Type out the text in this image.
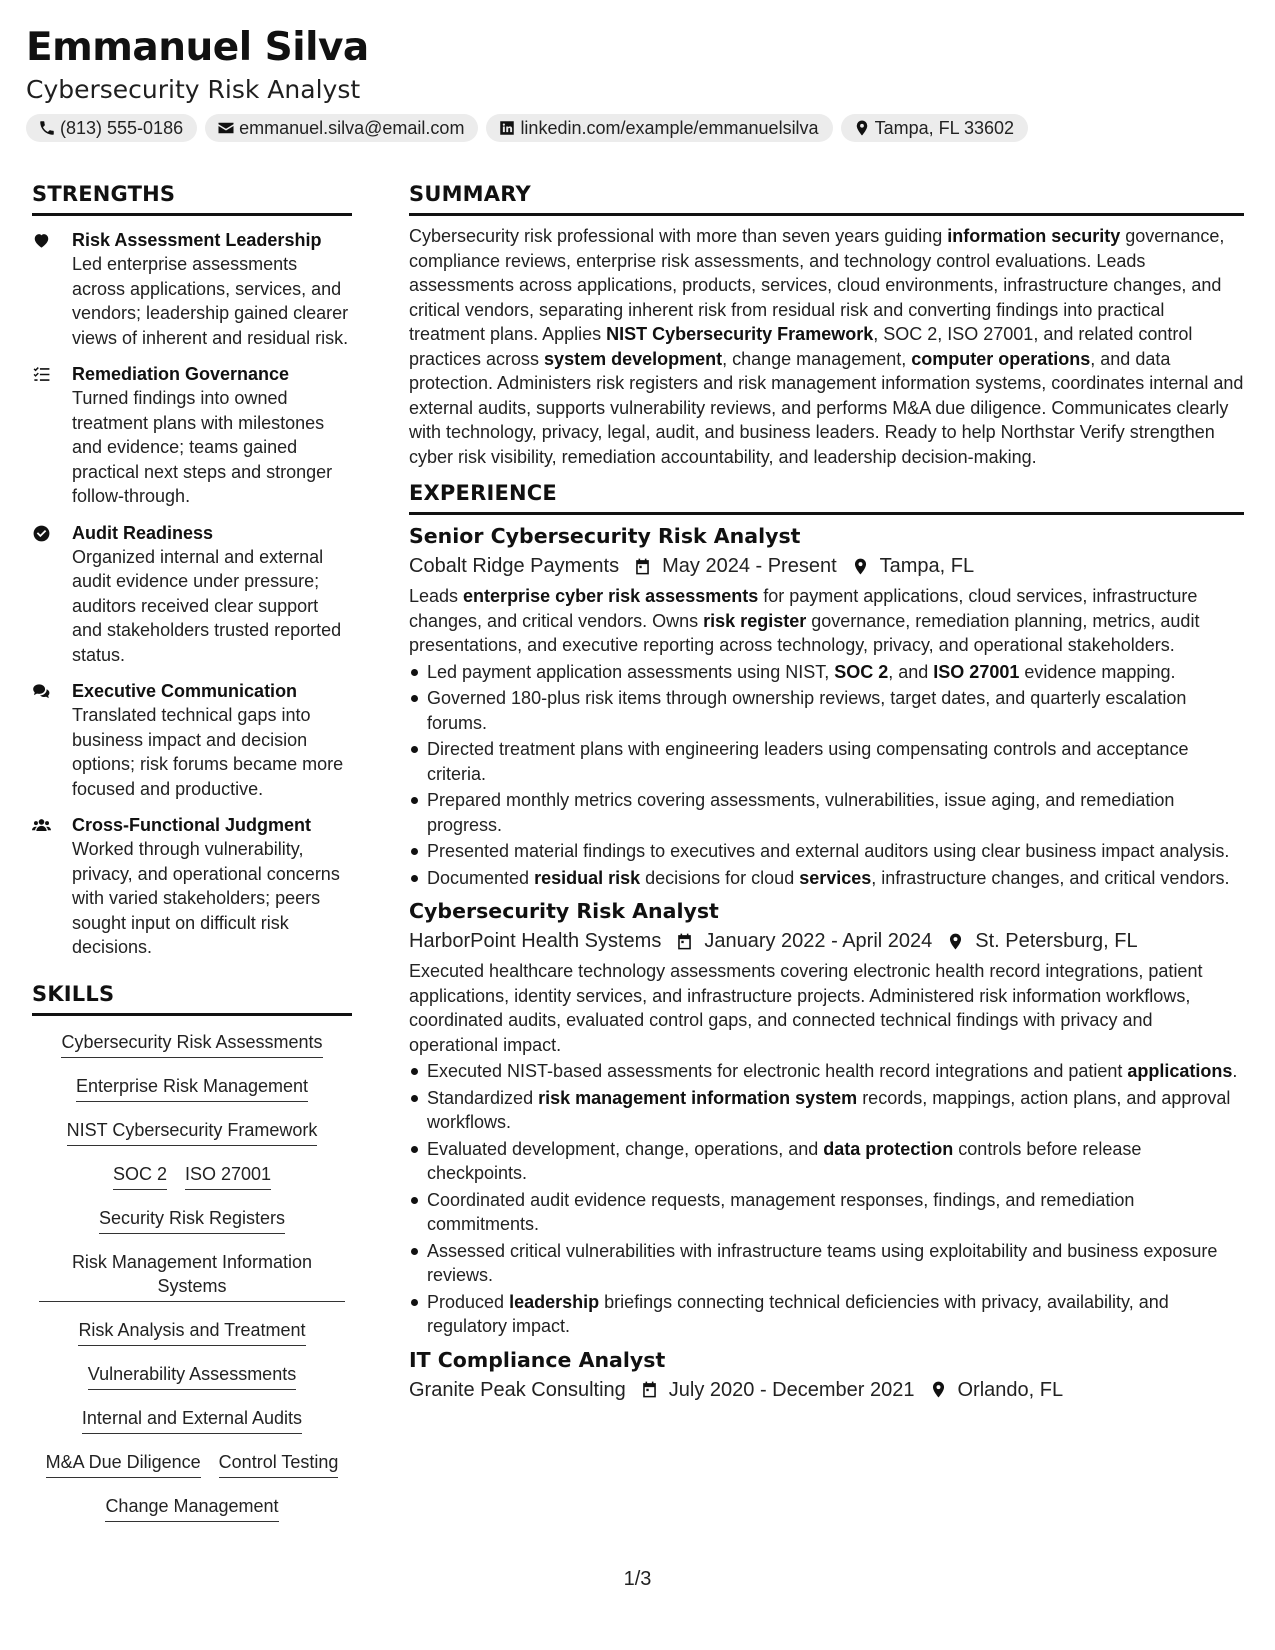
Emmanuel Silva
Cybersecurity Risk Analyst
(813) 555-0186	emmanuel.silva@email.com	linkedin.com/example/emmanuelsilva	Tampa, FL 33602
STRENGTHS
Risk Assessment Leadership
Led enterprise assessments across applications, services, and vendors; leadership gained clearer views of inherent and residual risk.
Remediation Governance
Turned findings into owned treatment plans with milestones and evidence; teams gained practical next steps and stronger follow-through.
Audit Readiness
Organized internal and external audit evidence under pressure; auditors received clear support and stakeholders trusted reported status.
Executive Communication
Translated technical gaps into business impact and decision options; risk forums became more focused and productive.
Cross-Functional Judgment
Worked through vulnerability, privacy, and operational concerns with varied stakeholders; peers sought input on difficult risk decisions.
SKILLS
Cybersecurity Risk Assessments
Enterprise Risk Management
NIST Cybersecurity Framework
SOC 2 ISO 27001
Security Risk Registers
Risk Management Information Systems
Risk Analysis and Treatment
Vulnerability Assessments
Internal and External Audits
M&A Due Diligence Control Testing
Change Management
SUMMARY
Cybersecurity risk professional with more than seven years guiding information security governance, compliance reviews, enterprise risk assessments, and technology control evaluations. Leads assessments across applications, products, services, cloud environments, infrastructure changes, and critical vendors, separating inherent risk from residual risk and converting findings into practical treatment plans. Applies NIST Cybersecurity Framework, SOC 2, ISO 27001, and related control practices across system development, change management, computer operations, and data protection. Administers risk registers and risk management information systems, coordinates internal and external audits, supports vulnerability reviews, and performs M&A due diligence. Communicates clearly with technology, privacy, legal, audit, and business leaders. Ready to help Northstar Verify strengthen cyber risk visibility, remediation accountability, and leadership decision-making.
EXPERIENCE
Senior Cybersecurity Risk Analyst
Cobalt Ridge Payments May 2024 - Present Tampa, FL
Leads enterprise cyber risk assessments for payment applications, cloud services, infrastructure changes, and critical vendors. Owns risk register governance, remediation planning, metrics, audit presentations, and executive reporting across technology, privacy, and operational stakeholders.
Led payment application assessments using NIST, SOC 2, and ISO 27001 evidence mapping.
Governed 180-plus risk items through ownership reviews, target dates, and quarterly escalation forums.
Directed treatment plans with engineering leaders using compensating controls and acceptance criteria.
Prepared monthly metrics covering assessments, vulnerabilities, issue aging, and remediation progress.
Presented material findings to executives and external auditors using clear business impact analysis.
Documented residual risk decisions for cloud services, infrastructure changes, and critical vendors.
Cybersecurity Risk Analyst
HarborPoint Health Systems January 2022 - April 2024 St. Petersburg, FL
Executed healthcare technology assessments covering electronic health record integrations, patient applications, identity services, and infrastructure projects. Administered risk information workflows, coordinated audits, evaluated control gaps, and connected technical findings with privacy and operational impact.
Executed NIST-based assessments for electronic health record integrations and patient applications.
Standardized risk management information system records, mappings, action plans, and approval workflows.
Evaluated development, change, operations, and data protection controls before release checkpoints.
Coordinated audit evidence requests, management responses, findings, and remediation commitments.
Assessed critical vulnerabilities with infrastructure teams using exploitability and business exposure reviews.
Produced leadership briefings connecting technical deficiencies with privacy, availability, and regulatory impact.
IT Compliance Analyst
Granite Peak Consulting July 2020 - December 2021 Orlando, FL
1/3
